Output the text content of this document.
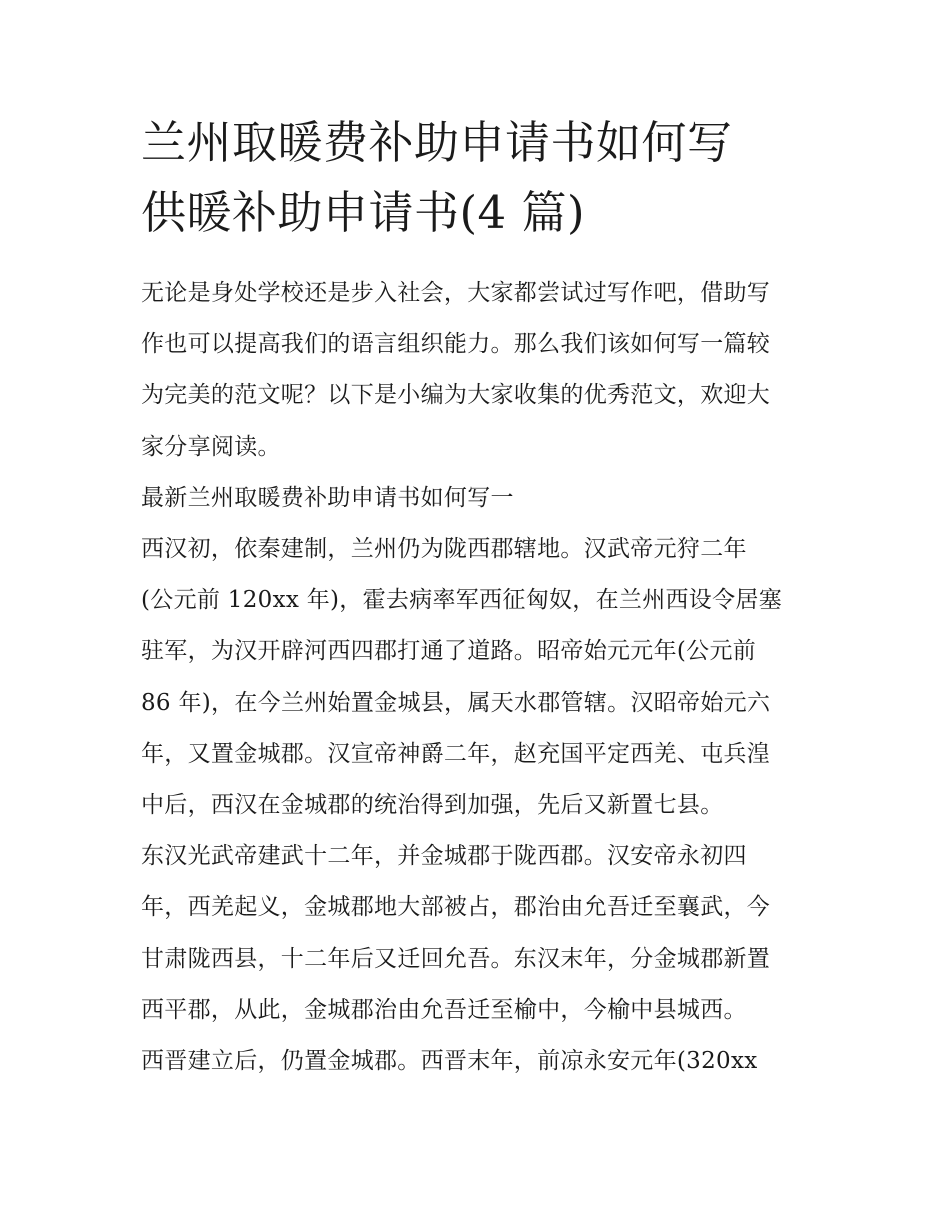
兰州取暖费补助申请书如何写
供暖补助申请书(4 篇)
无论是身处学校还是步入社会，大家都尝试过写作吧，借助写
作也可以提高我们的语言组织能力。那么我们该如何写一篇较
为完美的范文呢？以下是小编为大家收集的优秀范文，欢迎大
家分享阅读。
最新兰州取暖费补助申请书如何写一
西汉初，依秦建制，兰州仍为陇西郡辖地。汉武帝元狩二年
(公元前 120xx 年)，霍去病率军西征匈奴，在兰州西设令居塞
驻军，为汉开辟河西四郡打通了道路。昭帝始元元年(公元前
86 年)，在今兰州始置金城县，属天水郡管辖。汉昭帝始元六
年，又置金城郡。汉宣帝神爵二年，赵充国平定西羌、屯兵湟
中后，西汉在金城郡的统治得到加强，先后又新置七县。
东汉光武帝建武十二年，并金城郡于陇西郡。汉安帝永初四
年，西羌起义，金城郡地大部被占，郡治由允吾迁至襄武，今
甘肃陇西县，十二年后又迁回允吾。东汉末年，分金城郡新置
西平郡，从此，金城郡治由允吾迁至榆中，今榆中县城西。
西晋建立后，仍置金城郡。西晋末年，前凉永安元年(320xx
